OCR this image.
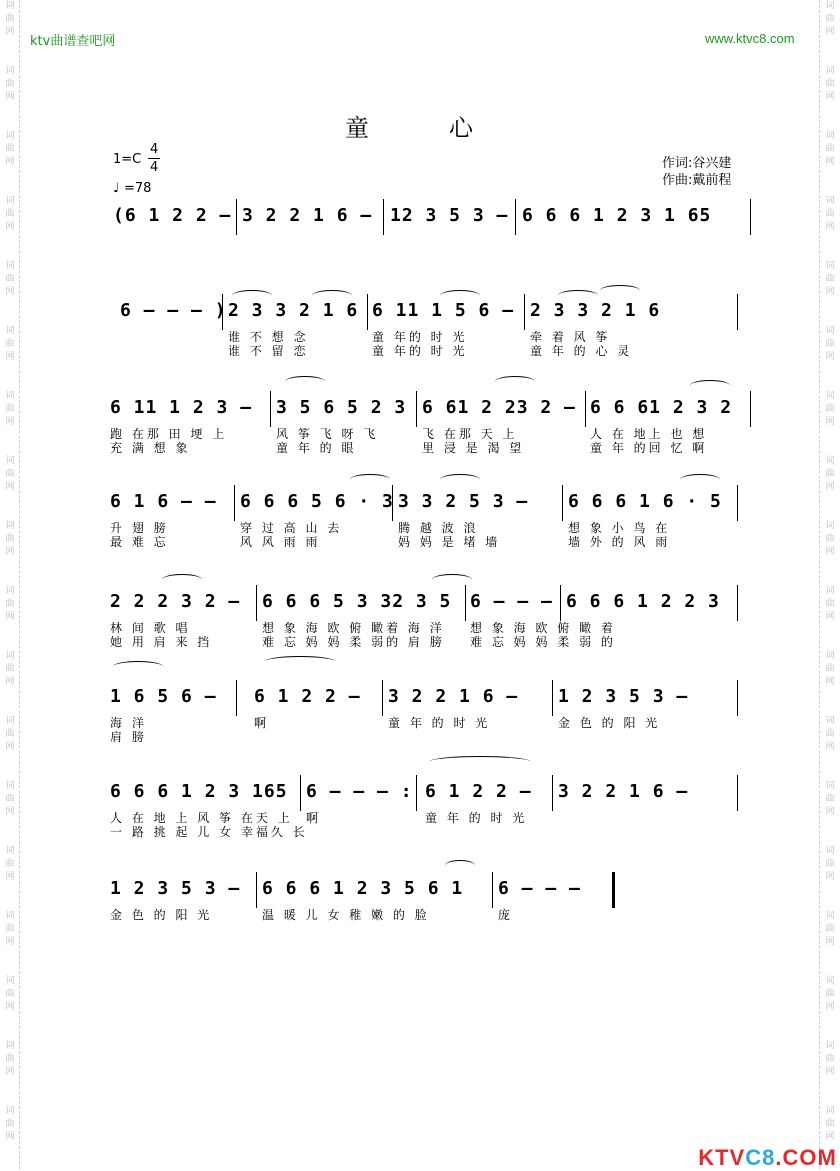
词
曲
网

词
曲
网

词
曲
网

词
曲
网

词
曲
网

词
曲
网

词
曲
网

词
曲
网

词
曲
网

词
曲
网

词
曲
网

词
曲
网

词
曲
网

词
曲
网

词
曲
网

词
曲
网

词
曲
网

词
曲
网

词
曲
网

词
曲
网

词
曲
网

词
曲
网

词
曲
网

词
曲
网

词
曲
网

词
曲
网

词
曲
网

词
曲
网

词
曲
网

词
曲
网

词
曲
网

词
曲
网

词
曲
网

词
曲
网

词
曲
网

词
曲
网

ktv曲谱查吧网	www.ktvc8.com
童心
1=C
4
4
♩ =78
作词:谷兴建
作曲:戴前程
(6 1 2 2 – 3 2 2 1 6 – 12 3 5 3 – 6 6 6 1 2 3 1 65
6 – – – ) 2 3 3 2 1 6 6 11 1 5 6 – 2 3 3 2 1 6
谁 不 想 念	童 年的 时 光	牵 着 风 筝
谁 不 留 恋	童 年的 时 光	童 年 的 心 灵
6 11 1 2 3 – 3 5 6 5 2 3 6 61 2 23 2 – 6 6 61 2 3 2
跑 在那 田 埂 上	风 筝 飞 呀 飞	飞 在那 天 上	人 在 地上 也 想
充 满 想 象	童 年 的 眼	里 浸 是 渴 望	童 年 的回 忆 啊
6 1 6 – – 6 6 6 5 6 · 3 3 3 2 5 3 – 6 6 6 1 6 · 5
升 翅 膀	穿 过 高 山 去	腾 越 波 浪	想 象 小 鸟 在
最 难 忘	风 风 雨 雨	妈 妈 是 堵 墙	墙 外 的 风 雨
2 2 2 3 2 – 6 6 6 5 3 32 3 5 6 – – – 6 6 6 1 2 2 3
林 间 歌 唱	想 象 海 欧 俯 瞰着 海 洋 想 象 海 欧 俯 瞰 着
她 用 肩 来 挡	难 忘 妈 妈 柔 弱的 肩 膀 难 忘 妈 妈 柔 弱 的
1 6 5 6 – 6 1 2 2 – 3 2 2 1 6 – 1 2 3 5 3 –
海 洋	啊	童 年 的 时 光	金 色 的 阳 光
肩 膀
6 6 6 1 2 3 165 6 – – – : 6 1 2 2 – 3 2 2 1 6 –
人 在 地 上 风 筝 在天 上 啊	童 年 的 时 光
一 路 挑 起 儿 女 幸福久 长
1 2 3 5 3 – 6 6 6 1 2 3 5 6 1 6 – – –
金 色 的 阳 光	温 暖 儿 女 稚 嫩 的 脸	庞

KTVC8.COM
